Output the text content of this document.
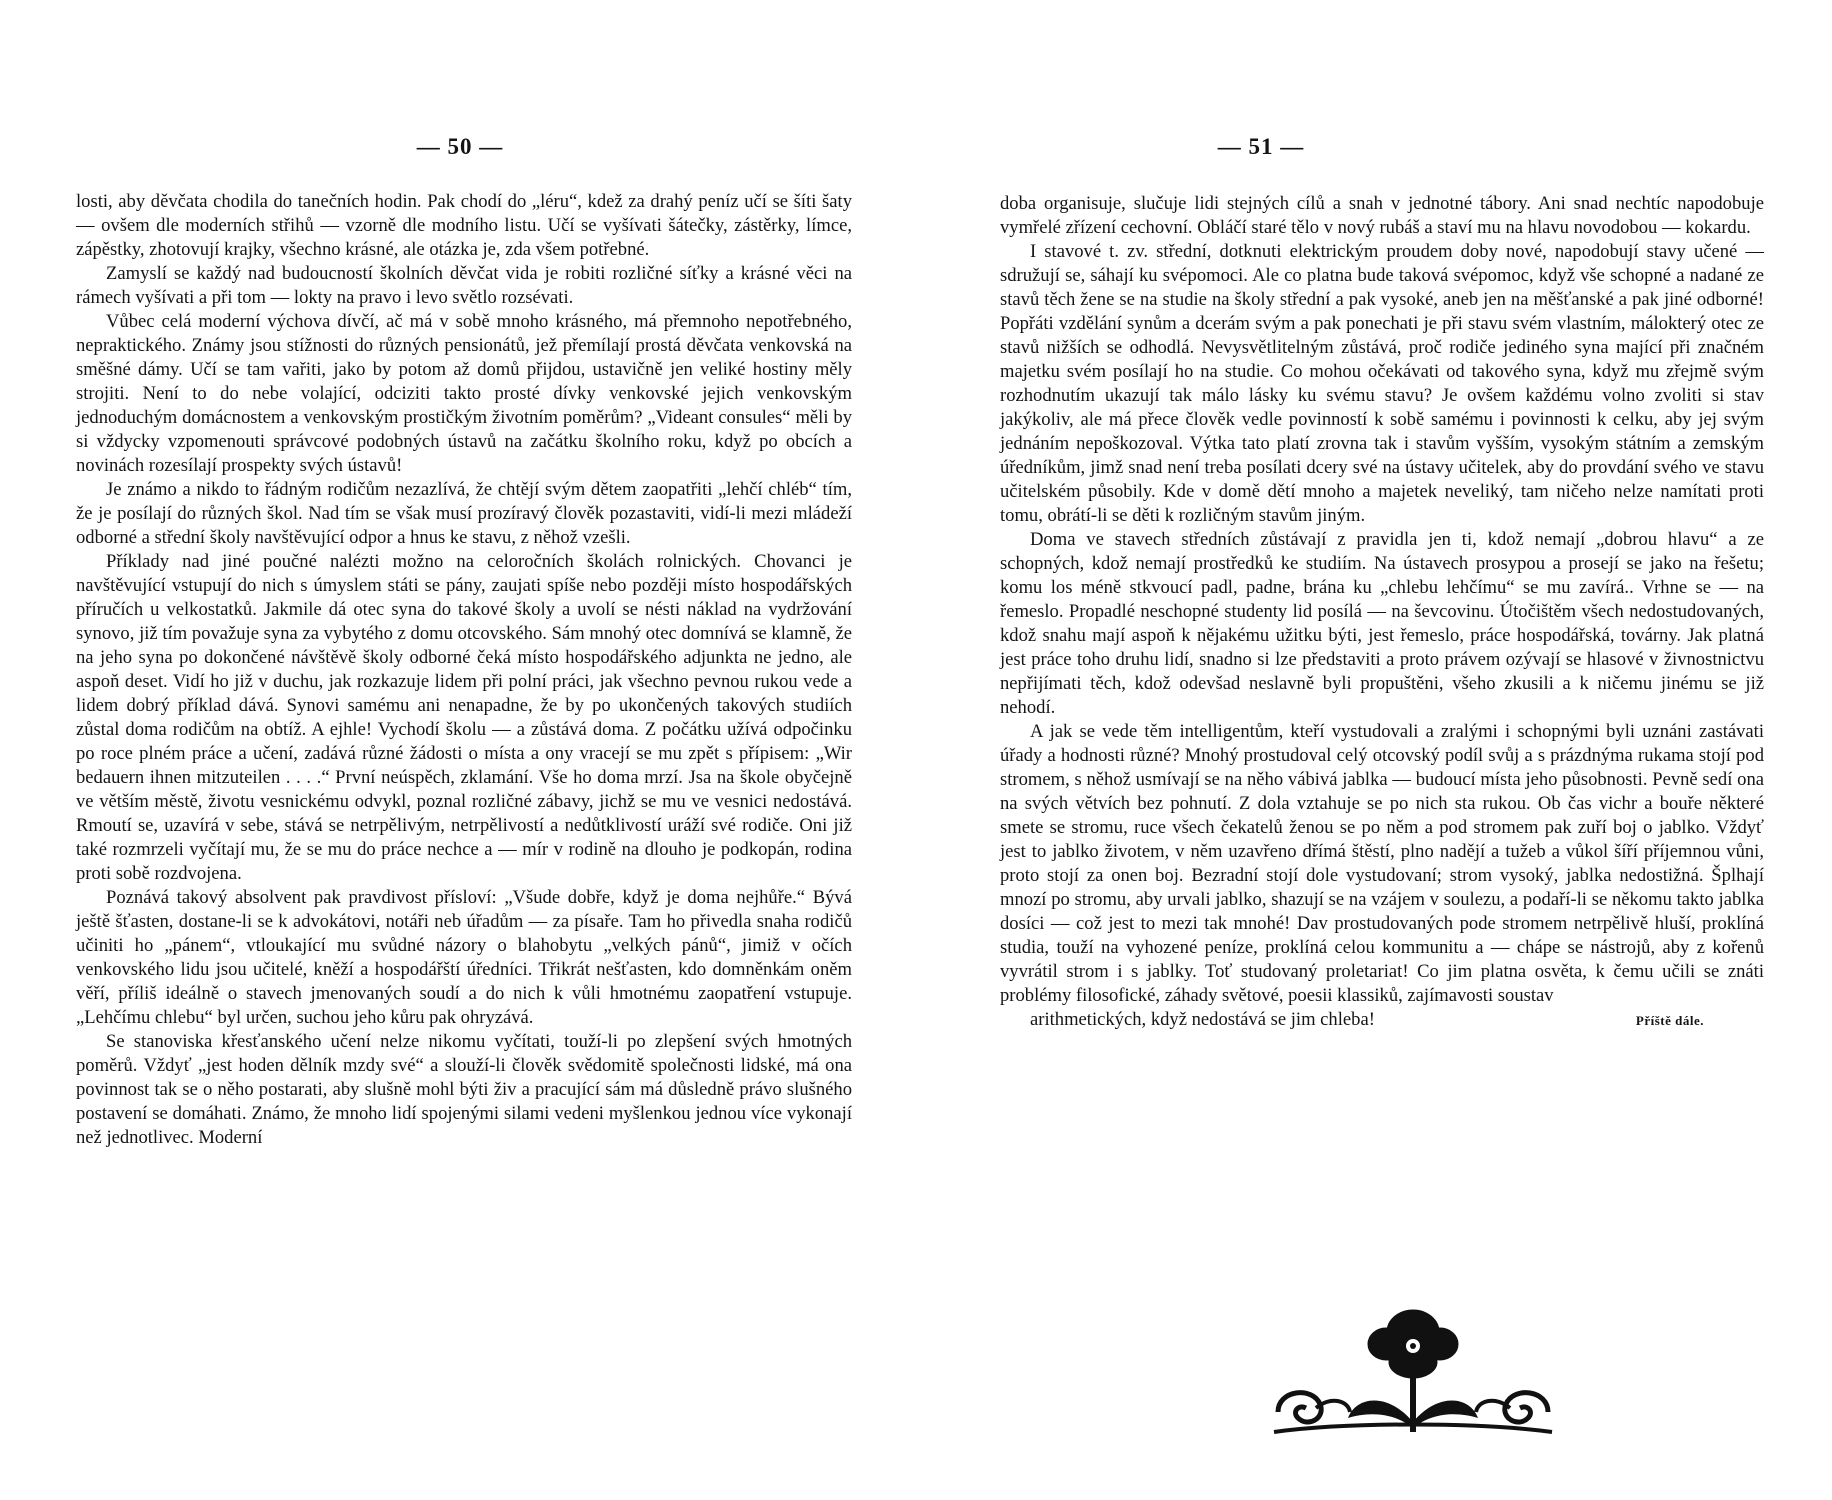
— 50 —

losti, aby děvčata chodila do tanečních hodin. Pak chodí do „léru“, kdež za drahý peníz učí se šíti šaty — ovšem dle moderních střihů — vzorně dle modního listu. Učí se vyšívati šátečky, zástěrky, límce, zápěstky, zhotovují krajky, všechno krásné, ale otázka je, zda všem potřebné.

Zamyslí se každý nad budoucností školních děvčat vida je robiti rozličné síťky a krásné věci na rámech vyšívati a při tom — lokty na pravo i levo světlo rozsévati.

Vůbec celá moderní výchova dívčí, ač má v sobě mnoho krásného, má přemnoho nepotřebného, nepraktického. Známy jsou stížnosti do různých pensionátů, jež přemílají prostá děvčata venkovská na směšné dámy. Učí se tam vařiti, jako by potom až domů přijdou, ustavičně jen veliké hostiny měly strojiti. Není to do nebe volající, odciziti takto prosté dívky venkovské jejich venkovským jednoduchým domácnostem a venkovským prostičkým životním poměrům? „Videant consules“ měli by si vždycky vzpomenouti správcové podobných ústavů na začátku školního roku, když po obcích a novinách rozesílají prospekty svých ústavů!

Je známo a nikdo to řádným rodičům nezazlívá, že chtějí svým dětem zaopatřiti „lehčí chléb“ tím, že je posílají do různých škol. Nad tím se však musí prozíravý člověk pozastaviti, vidí-li mezi mládeží odborné a střední školy navštěvující odpor a hnus ke stavu, z něhož vzešli.

Příklady nad jiné poučné nalézti možno na celoročních školách rolnických. Chovanci je navštěvující vstupují do nich s úmyslem státi se pány, zaujati spíše nebo později místo hospodářských příručích u velkostatků. Jakmile dá otec syna do takové školy a uvolí se nésti náklad na vydržování synovo, již tím považuje syna za vybytého z domu otcovského. Sám mnohý otec domnívá se klamně, že na jeho syna po dokončené návštěvě školy odborné čeká místo hospodářského adjunkta ne jedno, ale aspoň deset. Vidí ho již v duchu, jak rozkazuje lidem při polní práci, jak všechno pevnou rukou vede a lidem dobrý příklad dává. Synovi samému ani nenapadne, že by po ukončených takových studiích zůstal doma rodičům na obtíž. A ejhle! Vychodí školu — a zůstává doma. Z počátku užívá odpočinku po roce plném práce a učení, zadává různé žádosti o místa a ony vracejí se mu zpět s přípisem: „Wir bedauern ihnen mitzuteilen . . . .“ První neúspěch, zklamání. Vše ho doma mrzí. Jsa na škole obyčejně ve větším městě, životu vesnickému odvykl, poznal rozličné zábavy, jichž se mu ve vesnici nedostává. Rmoutí se, uzavírá v sebe, stává se netrpělivým, netrpělivostí a nedůtklivostí uráží své rodiče. Oni již také rozmrzeli vyčítají mu, že se mu do práce nechce a — mír v rodině na dlouho je podkopán, rodina proti sobě rozdvojena.

Poznává takový absolvent pak pravdivost přísloví: „Všude dobře, když je doma nejhůře.“ Bývá ještě šťasten, dostane-li se k advokátovi, notáři neb úřadům — za písaře. Tam ho přivedla snaha rodičů učiniti ho „pánem“, vtloukající mu svůdné názory o blahobytu „velkých pánů“, jimiž v očích venkovského lidu jsou učitelé, kněží a hospodářští úředníci. Třikrát nešťasten, kdo domněnkám oněm věří, příliš ideálně o stavech jmenovaných soudí a do nich k vůli hmotnému zaopatření vstupuje. „Lehčímu chlebu“ byl určen, suchou jeho kůru pak ohryzává.

Se stanoviska křesťanského učení nelze nikomu vyčítati, touží-li po zlepšení svých hmotných poměrů. Vždyť „jest hoden dělník mzdy své“ a slouží-li člověk svědomitě společnosti lidské, má ona povinnost tak se o něho postarati, aby slušně mohl býti živ a pracující sám má důsledně právo slušného postavení se domáhati. Známo, že mnoho lidí spojenými silami vedeni myšlenkou jednou více vykonají než jednotlivec. Moderní

— 51 —

doba organisuje, slučuje lidi stejných cílů a snah v jednotné tábory. Ani snad nechtíc napodobuje vymřelé zřízení cechovní. Obláčí staré tělo v nový rubáš a staví mu na hlavu novodobou — kokardu.

I stavové t. zv. střední, dotknuti elektrickým proudem doby nové, napodobují stavy učené — sdružují se, sáhají ku svépomoci. Ale co platna bude taková svépomoc, když vše schopné a nadané ze stavů těch žene se na studie na školy střední a pak vysoké, aneb jen na měšťanské a pak jiné odborné! Popřáti vzdělání synům a dcerám svým a pak ponechati je při stavu svém vlastním, málokterý otec ze stavů nižších se odhodlá. Nevysvětlitelným zůstává, proč rodiče jediného syna mající při značném majetku svém posílají ho na studie. Co mohou očekávati od takového syna, když mu zřejmě svým rozhodnutím ukazují tak málo lásky ku svému stavu? Je ovšem každému volno zvoliti si stav jakýkoliv, ale má přece člověk vedle povinností k sobě samému i povinnosti k celku, aby jej svým jednáním nepoškozoval. Výtka tato platí zrovna tak i stavům vyšším, vysokým státním a zemským úředníkům, jimž snad není treba posílati dcery své na ústavy učitelek, aby do provdání svého ve stavu učitelském působily. Kde v domě dětí mnoho a majetek neveliký, tam ničeho nelze namítati proti tomu, obrátí-li se děti k rozličným stavům jiným.

Doma ve stavech středních zůstávají z pravidla jen ti, kdož nemají „dobrou hlavu“ a ze schopných, kdož nemají prostředků ke studiím. Na ústavech prosypou a prosejí se jako na řešetu; komu los méně stkvoucí padl, padne, brána ku „chlebu lehčímu“ se mu zavírá.. Vrhne se — na řemeslo. Propadlé neschopné studenty lid posílá — na ševcovinu. Útočištěm všech nedostudovaných, kdož snahu mají aspoň k nějakému užitku býti, jest řemeslo, práce hospodářská, továrny. Jak platná jest práce toho druhu lidí, snadno si lze představiti a proto právem ozývají se hlasové v živnostnictvu nepřijímati těch, kdož odevšad neslavně byli propuštěni, všeho zkusili a k ničemu jinému se již nehodí.

A jak se vede těm intelligentům, kteří vystudovali a zralými i schopnými byli uznáni zastávati úřady a hodnosti různé? Mnohý prostudoval celý otcovský podíl svůj a s prázdnýma rukama stojí pod stromem, s něhož usmívají se na něho vábivá jablka — budoucí místa jeho působnosti. Pevně sedí ona na svých větvích bez pohnutí. Z dola vztahuje se po nich sta rukou. Ob čas vichr a bouře některé smete se stromu, ruce všech čekatelů ženou se po něm a pod stromem pak zuří boj o jablko. Vždyť jest to jablko životem, v něm uzavřeno dřímá štěstí, plno nadějí a tužeb a vůkol šíří příjemnou vůni, proto stojí za onen boj. Bezradní stojí dole vystudovaní; strom vysoký, jablka nedostižná. Šplhají mnozí po stromu, aby urvali jablko, shazují se na vzájem v soulezu, a podaří-li se někomu takto jablka dosíci — což jest to mezi tak mnohé! Dav prostudovaných pode stromem netrpělivě hluší, proklíná studia, touží na vyhozené peníze, proklíná celou kommunitu a — chápe se nástrojů, aby z kořenů vyvrátil strom i s jablky. Toť studovaný proletariat! Co jim platna osvěta, k čemu učili se znáti problémy filosofické, záhady světové, poesii klassiků, zajímavosti soustav

arithmetických, když nedostává se jim chleba!	Příště dále.
